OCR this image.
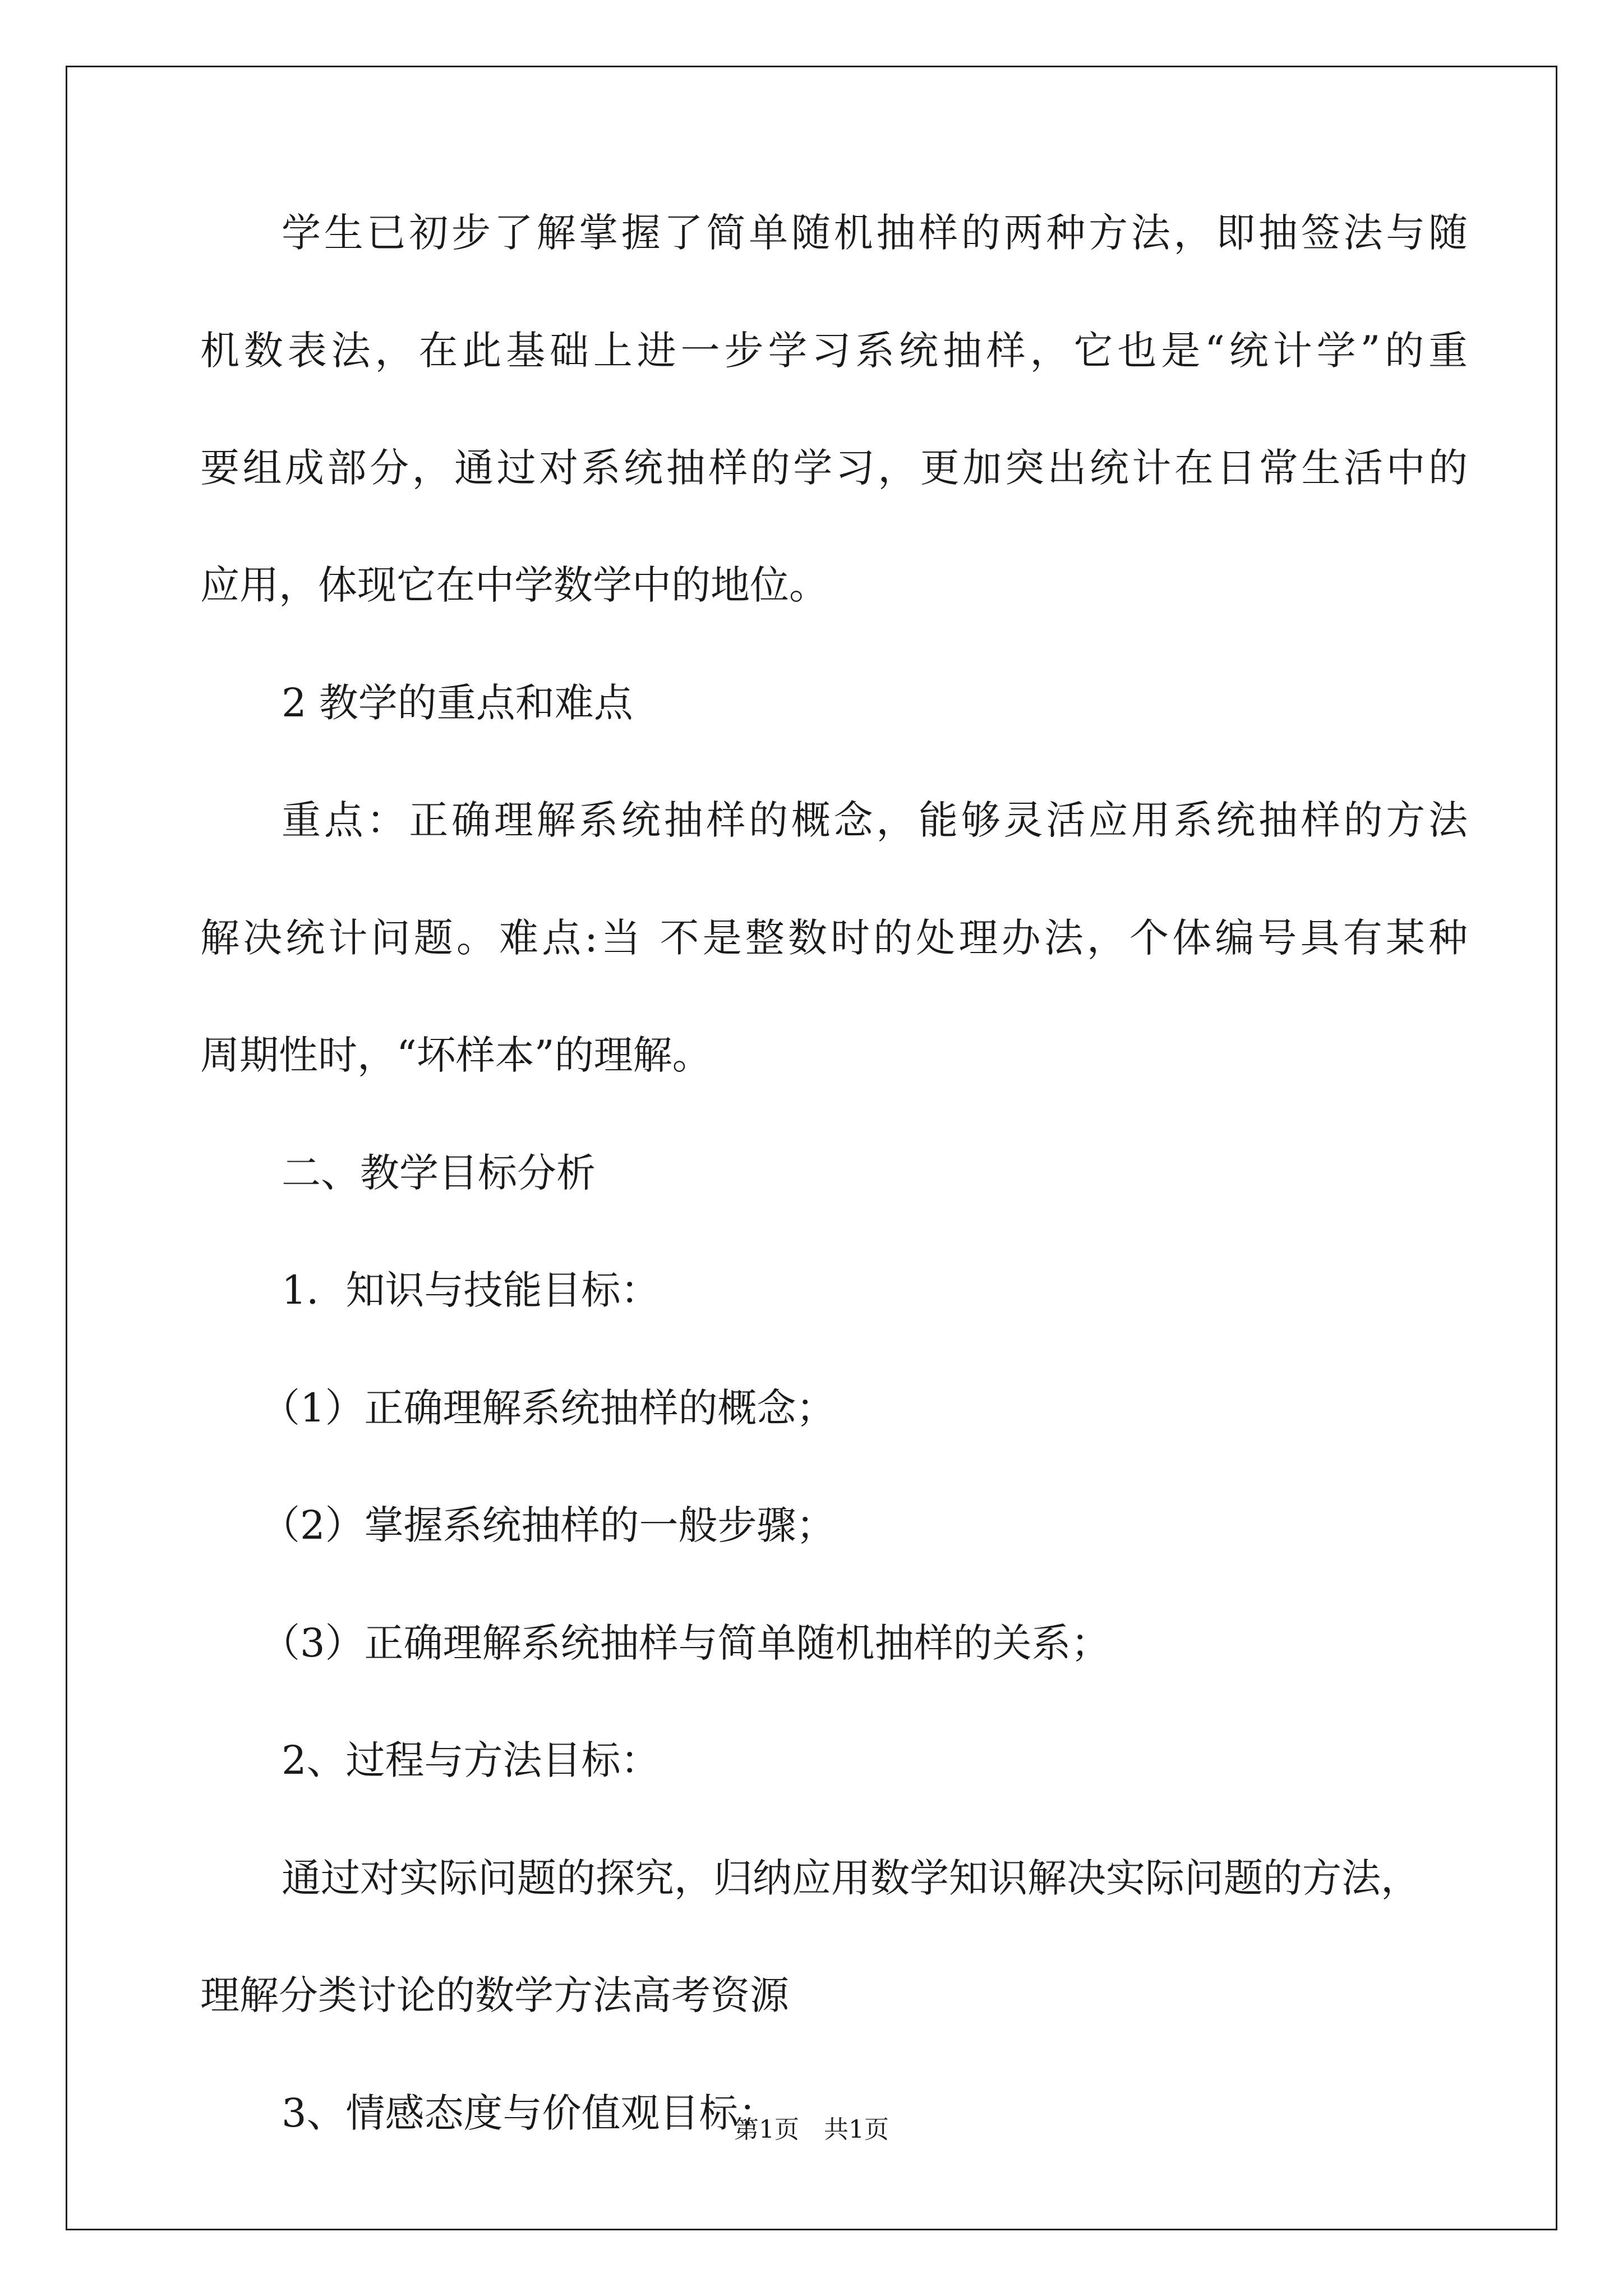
学生已初步了解掌握了简单随机抽样的两种方法，即抽签法与随

机数表法，在此基础上进一步学习系统抽样，它也是“统计学”的重

要组成部分，通过对系统抽样的学习，更加突出统计在日常生活中的

应用，体现它在中学数学中的地位。

2 教学的重点和难点

重点：正确理解系统抽样的概念，能够灵活应用系统抽样的方法

解决统计问题。难点:当 不是整数时的处理办法，个体编号具有某种

周期性时，“坏样本”的理解。

二、教学目标分析

1．知识与技能目标：

（1）正确理解系统抽样的概念；

（2）掌握系统抽样的一般步骤；

（3）正确理解系统抽样与简单随机抽样的关系；

2、过程与方法目标：

通过对实际问题的探究，归纳应用数学知识解决实际问题的方法，

理解分类讨论的数学方法高考资源

3、情感态度与价值观目标：

第1页　共1页
